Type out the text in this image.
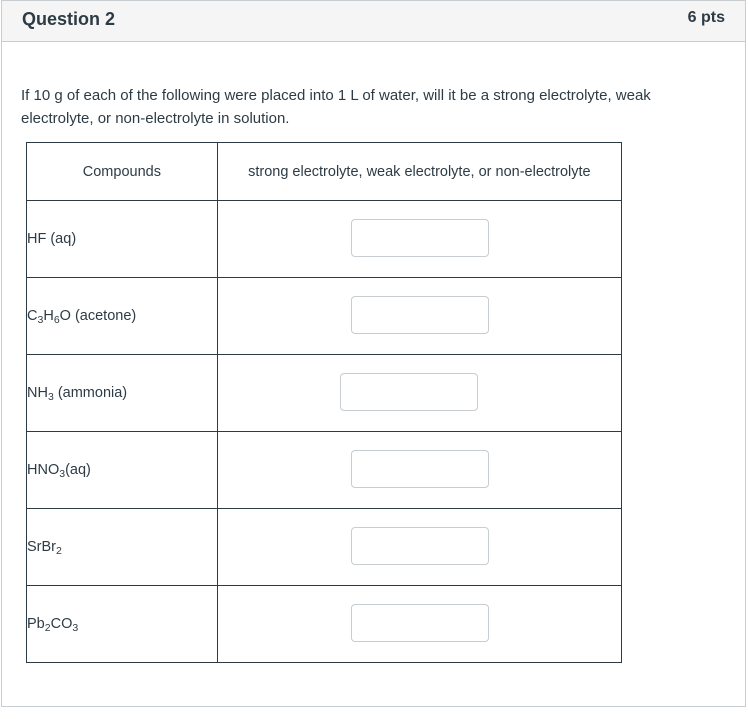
Question 2	6 pts

If 10 g of each of the following were placed into 1 L of water, will it be a strong electrolyte, weak electrolyte, or non-electrolyte in solution.

Compounds	strong electrolyte, weak electrolyte, or non-electrolyte
HF (aq)	

$C_3H_6O$ (acetone)	

$NH_3$ (ammonia)	

$HNO_3(aq)$	

SrBr$_2$	

$Pb_2CO_3$	
